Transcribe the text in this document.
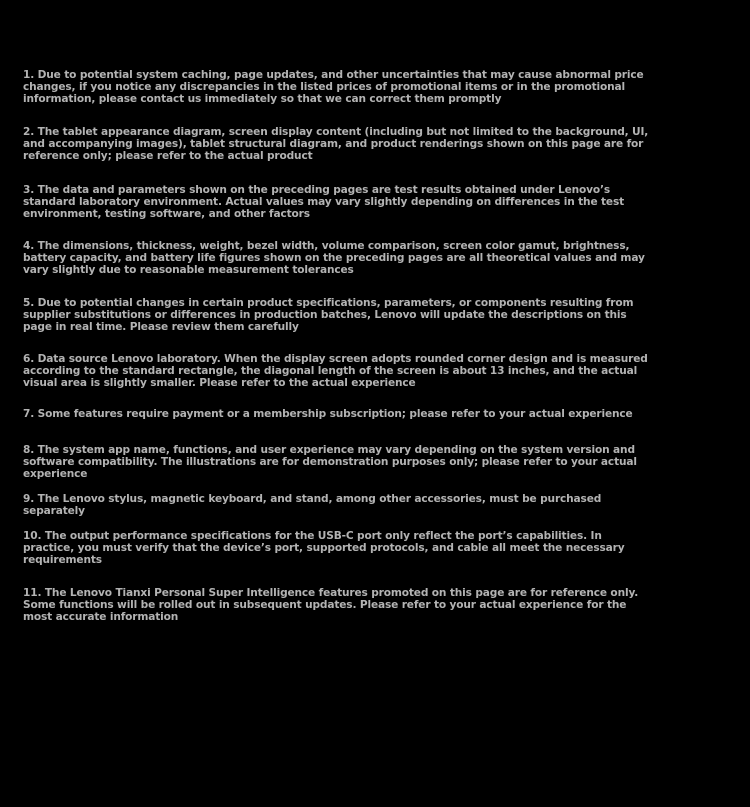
1. Due to potential system caching, page updates, and other uncertainties that may cause abnormal price changes, if you notice any discrepancies in the listed prices of promotional items or in the promotional information, please contact us immediately so that we can correct them promptly

2. The tablet appearance diagram, screen display content (including but not limited to the background, UI, and accompanying images), tablet structural diagram, and product renderings shown on this page are for reference only; please refer to the actual product

3. The data and parameters shown on the preceding pages are test results obtained under Lenovo’s standard laboratory environment. Actual values may vary slightly depending on differences in the test environment, testing software, and other factors

4. The dimensions, thickness, weight, bezel width, volume comparison, screen color gamut, brightness, battery capacity, and battery life figures shown on the preceding pages are all theoretical values and may vary slightly due to reasonable measurement tolerances

5. Due to potential changes in certain product specifications, parameters, or components resulting from supplier substitutions or differences in production batches, Lenovo will update the descriptions on this page in real time. Please review them carefully

6. Data source Lenovo laboratory. When the display screen adopts rounded corner design and is measured according to the standard rectangle, the diagonal length of the screen is about 13 inches, and the actual visual area is slightly smaller. Please refer to the actual experience

7. Some features require payment or a membership subscription; please refer to your actual experience

8. The system app name, functions, and user experience may vary depending on the system version and software compatibility. The illustrations are for demonstration purposes only; please refer to your actual experience

9. The Lenovo stylus, magnetic keyboard, and stand, among other accessories, must be purchased separately

10. The output performance specifications for the USB-C port only reflect the port’s capabilities. In practice, you must verify that the device’s port, supported protocols, and cable all meet the necessary requirements

11. The Lenovo Tianxi Personal Super Intelligence features promoted on this page are for reference only. Some functions will be rolled out in subsequent updates. Please refer to your actual experience for the most accurate information
